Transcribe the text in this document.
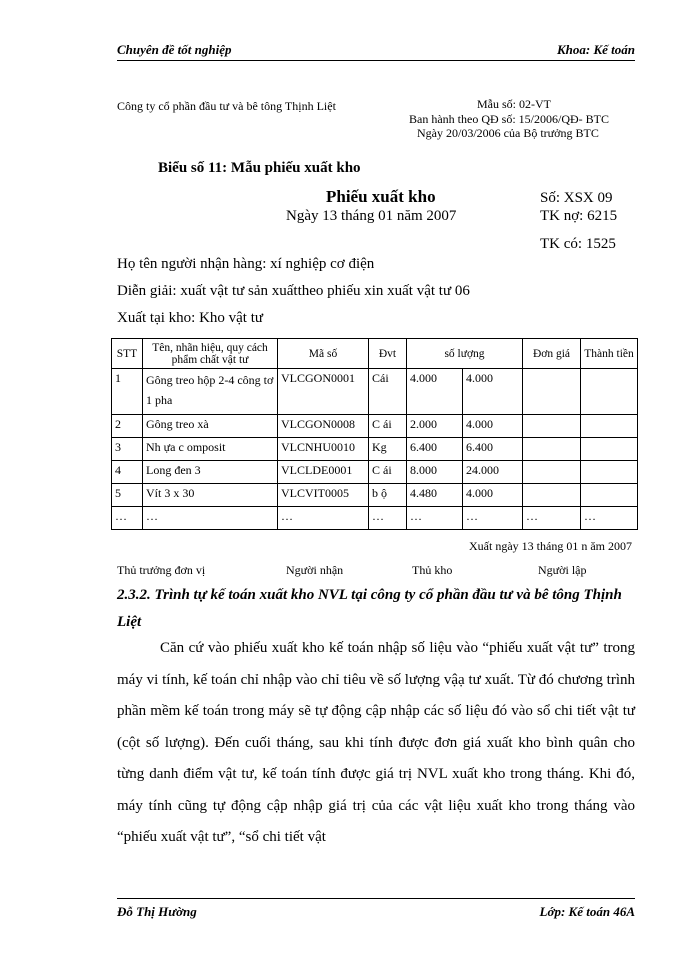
Chuyên đề tốt nghiệp	Khoa: Kế toán
Công ty cổ phần đầu tư và bê tông Thịnh Liệt	Mẫu số: 02-VT
Ban hành theo QĐ số: 15/2006/QĐ- BTC
Ngày 20/03/2006 của Bộ trưởng BTC
Biểu số 11: Mẫu phiếu xuất kho
Phiếu xuất kho
Ngày 13 tháng 01 năm 2007
Số: XSX 09
TK nợ: 6215
TK có: 1525
Họ tên người nhận hàng: xí nghiệp cơ điện
Diễn giải: xuất vật tư sản xuấttheo phiếu xin xuất vật tư 06
Xuất tại kho: Kho vật tư
STT	Tên, nhãn hiệu, quy cách phẩm chất vật tư	Mã số	Đvt	số lượng		Đơn giá	Thành tiền
1	Gông treo hộp 2-4 công tơ 1 pha	VLCGON0001	Cái	4.000	4.000		
2	Gông treo xà	VLCGON0008	C ái	2.000	4.000		
3	Nh ựa c omposit	VLCNHU0010	Kg	6.400	6.400		
4	Long đen 3	VLCLDE0001	C ái	8.000	24.000		
5	Vít 3 x 30	VLCVIT0005	b ộ	4.480	4.000		
…	…	…	…	…	…	…	…
Xuất ngày 13 tháng 01 n ăm 2007
Thủ trưởng đơn vị	Người nhận	Thủ kho	Người lập
2.3.2. Trình tự kế toán xuất kho NVL tại công ty cổ phần đầu tư và bê tông Thịnh Liệt

Căn cứ vào phiếu xuất kho kế toán nhập số liệu vào “phiếu xuất vật tư” trong máy vi tính, kế toán chỉ nhập vào chỉ tiêu về số lượng vậạ tư xuất. Từ đó chương trình phần mềm kế toán trong máy sẽ tự động cập nhập các số liệu đó vào sổ chi tiết vật tư (cột số lượng). Đến cuối tháng, sau khi tính được đơn giá xuất kho bình quân cho từng danh điểm vật tư, kế toán tính được giá trị NVL xuất kho trong tháng. Khi đó, máy tính cũng tự động cập nhập giá trị của các vật liệu xuất kho trong tháng vào “phiếu xuất vật tư”, “sổ chi tiết vật

Đỗ Thị Hường	Lớp: Kế toán 46A
